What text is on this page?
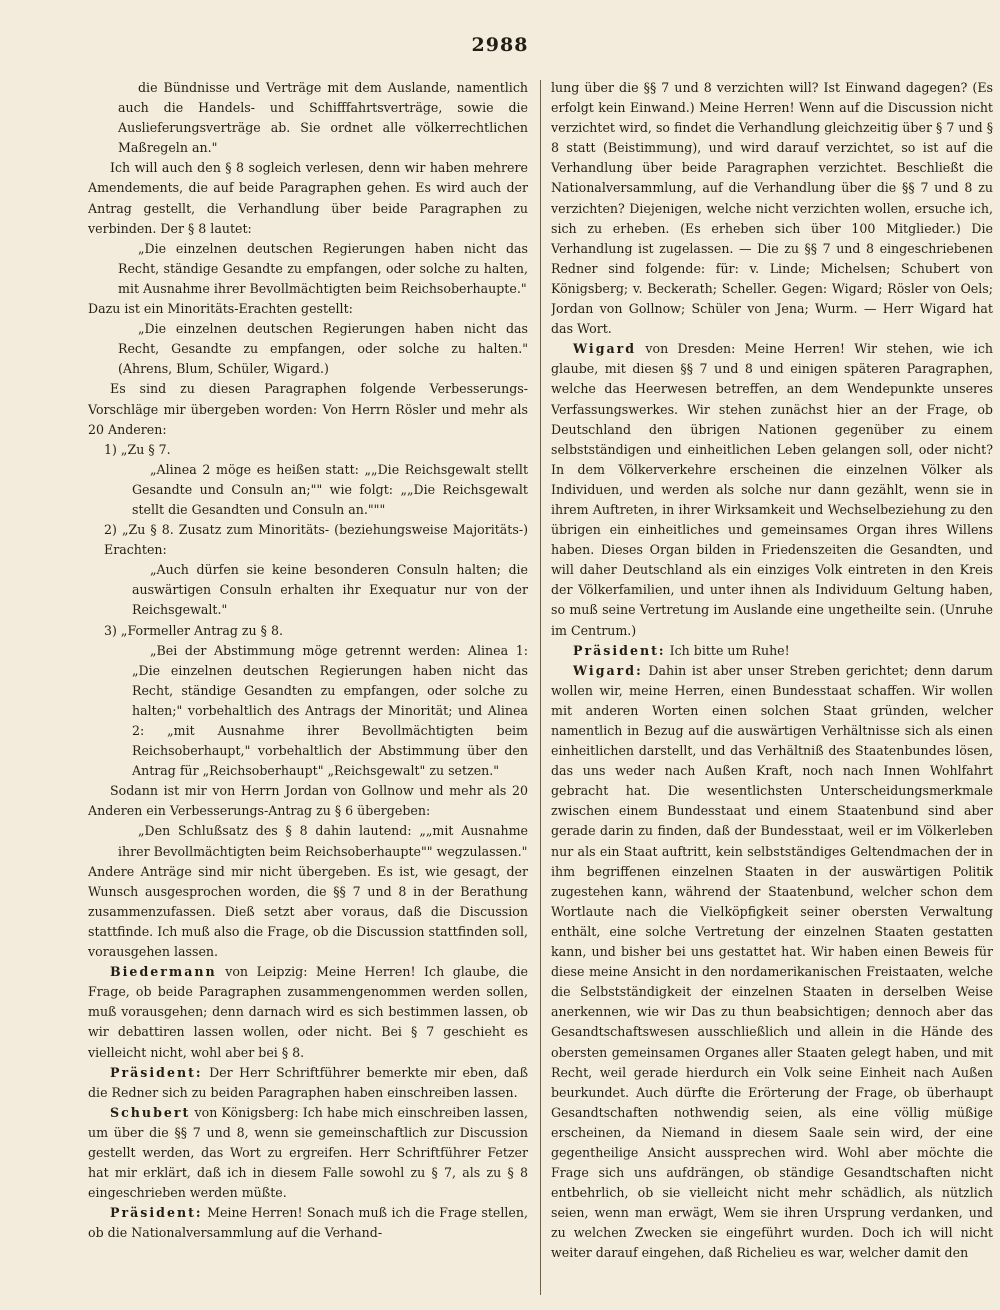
2988

die Bündnisse und Verträge mit dem Auslande, namentlich auch die Handels- und Schifffahrtsverträge, sowie die Auslieferungsverträge ab. Sie ordnet alle völkerrechtlichen Maßregeln an."

Ich will auch den § 8 sogleich verlesen, denn wir haben mehrere Amendements, die auf beide Paragraphen gehen. Es wird auch der Antrag gestellt, die Verhandlung über beide Paragraphen zu verbinden. Der § 8 lautet:

„Die einzelnen deutschen Regierungen haben nicht das Recht, ständige Gesandte zu empfangen, oder solche zu halten, mit Ausnahme ihrer Bevollmächtigten beim Reichsoberhaupte."

Dazu ist ein Minoritäts-Erachten gestellt:

„Die einzelnen deutschen Regierungen haben nicht das Recht, Gesandte zu empfangen, oder solche zu halten." (Ahrens, Blum, Schüler, Wigard.)

Es sind zu diesen Paragraphen folgende Verbesserungs-Vorschläge mir übergeben worden: Von Herrn Rösler und mehr als 20 Anderen:

1) „Zu § 7.

„Alinea 2 möge es heißen statt: „„Die Reichsgewalt stellt Gesandte und Consuln an;"" wie folgt: „„Die Reichsgewalt stellt die Gesandten und Consuln an."""

2) „Zu § 8. Zusatz zum Minoritäts- (beziehungsweise Majoritäts-) Erachten:

„Auch dürfen sie keine besonderen Consuln halten; die auswärtigen Consuln erhalten ihr Exequatur nur von der Reichsgewalt."

3) „Formeller Antrag zu § 8.

„Bei der Abstimmung möge getrennt werden: Alinea 1: „Die einzelnen deutschen Regierungen haben nicht das Recht, ständige Gesandten zu empfangen, oder solche zu halten;" vorbehaltlich des Antrags der Minorität; und Alinea 2: „mit Ausnahme ihrer Bevollmächtigten beim Reichsoberhaupt," vorbehaltlich der Abstimmung über den Antrag für „Reichsoberhaupt" „Reichsgewalt" zu setzen."

Sodann ist mir von Herrn Jordan von Gollnow und mehr als 20 Anderen ein Verbesserungs-Antrag zu § 6 übergeben:

„Den Schlußsatz des § 8 dahin lautend: „„mit Ausnahme ihrer Bevollmächtigten beim Reichsoberhaupte"" wegzulassen."

Andere Anträge sind mir nicht übergeben. Es ist, wie gesagt, der Wunsch ausgesprochen worden, die §§ 7 und 8 in der Berathung zusammenzufassen. Dieß setzt aber voraus, daß die Discussion stattfinde. Ich muß also die Frage, ob die Discussion stattfinden soll, vorausgehen lassen.

Biedermann von Leipzig: Meine Herren! Ich glaube, die Frage, ob beide Paragraphen zusammengenommen werden sollen, muß vorausgehen; denn darnach wird es sich bestimmen lassen, ob wir debattiren lassen wollen, oder nicht. Bei § 7 geschieht es vielleicht nicht, wohl aber bei § 8.

Präsident: Der Herr Schriftführer bemerkte mir eben, daß die Redner sich zu beiden Paragraphen haben einschreiben lassen.

Schubert von Königsberg: Ich habe mich einschreiben lassen, um über die §§ 7 und 8, wenn sie gemeinschaftlich zur Discussion gestellt werden, das Wort zu ergreifen. Herr Schriftführer Fetzer hat mir erklärt, daß ich in diesem Falle sowohl zu § 7, als zu § 8 eingeschrieben werden müßte.

Präsident: Meine Herren! Sonach muß ich die Frage stellen, ob die Nationalversammlung auf die Verhand-

lung über die §§ 7 und 8 verzichten will? Ist Einwand dagegen? (Es erfolgt kein Einwand.) Meine Herren! Wenn auf die Discussion nicht verzichtet wird, so findet die Verhandlung gleichzeitig über § 7 und § 8 statt (Beistimmung), und wird darauf verzichtet, so ist auf die Verhandlung über beide Paragraphen verzichtet. Beschließt die Nationalversammlung, auf die Verhandlung über die §§ 7 und 8 zu verzichten? Diejenigen, welche nicht verzichten wollen, ersuche ich, sich zu erheben. (Es erheben sich über 100 Mitglieder.) Die Verhandlung ist zugelassen. — Die zu §§ 7 und 8 eingeschriebenen Redner sind folgende: für: v. Linde; Michelsen; Schubert von Königsberg; v. Beckerath; Scheller. Gegen: Wigard; Rösler von Oels; Jordan von Gollnow; Schüler von Jena; Wurm. — Herr Wigard hat das Wort.

Wigard von Dresden: Meine Herren! Wir stehen, wie ich glaube, mit diesen §§ 7 und 8 und einigen späteren Paragraphen, welche das Heerwesen betreffen, an dem Wendepunkte unseres Verfassungswerkes. Wir stehen zunächst hier an der Frage, ob Deutschland den übrigen Nationen gegenüber zu einem selbstständigen und einheitlichen Leben gelangen soll, oder nicht? In dem Völkerverkehre erscheinen die einzelnen Völker als Individuen, und werden als solche nur dann gezählt, wenn sie in ihrem Auftreten, in ihrer Wirksamkeit und Wechselbeziehung zu den übrigen ein einheitliches und gemeinsames Organ ihres Willens haben. Dieses Organ bilden in Friedenszeiten die Gesandten, und will daher Deutschland als ein einziges Volk eintreten in den Kreis der Völkerfamilien, und unter ihnen als Individuum Geltung haben, so muß seine Vertretung im Auslande eine ungetheilte sein. (Unruhe im Centrum.)

Präsident: Ich bitte um Ruhe!

Wigard: Dahin ist aber unser Streben gerichtet; denn darum wollen wir, meine Herren, einen Bundesstaat schaffen. Wir wollen mit anderen Worten einen solchen Staat gründen, welcher namentlich in Bezug auf die auswärtigen Verhältnisse sich als einen einheitlichen darstellt, und das Verhältniß des Staatenbundes lösen, das uns weder nach Außen Kraft, noch nach Innen Wohlfahrt gebracht hat. Die wesentlichsten Unterscheidungsmerkmale zwischen einem Bundesstaat und einem Staatenbund sind aber gerade darin zu finden, daß der Bundesstaat, weil er im Völkerleben nur als ein Staat auftritt, kein selbstständiges Geltendmachen der in ihm begriffenen einzelnen Staaten in der auswärtigen Politik zugestehen kann, während der Staatenbund, welcher schon dem Wortlaute nach die Vielköpfigkeit seiner obersten Verwaltung enthält, eine solche Vertretung der einzelnen Staaten gestatten kann, und bisher bei uns gestattet hat. Wir haben einen Beweis für diese meine Ansicht in den nordamerikanischen Freistaaten, welche die Selbstständigkeit der einzelnen Staaten in derselben Weise anerkennen, wie wir Das zu thun beabsichtigen; dennoch aber das Gesandtschaftswesen ausschließlich und allein in die Hände des obersten gemeinsamen Organes aller Staaten gelegt haben, und mit Recht, weil gerade hierdurch ein Volk seine Einheit nach Außen beurkundet. Auch dürfte die Erörterung der Frage, ob überhaupt Gesandtschaften nothwendig seien, als eine völlig müßige erscheinen, da Niemand in diesem Saale sein wird, der eine gegentheilige Ansicht aussprechen wird. Wohl aber möchte die Frage sich uns aufdrängen, ob ständige Gesandtschaften nicht entbehrlich, ob sie vielleicht nicht mehr schädlich, als nützlich seien, wenn man erwägt, Wem sie ihren Ursprung verdanken, und zu welchen Zwecken sie eingeführt wurden. Doch ich will nicht weiter darauf eingehen, daß Richelieu es war, welcher damit den
